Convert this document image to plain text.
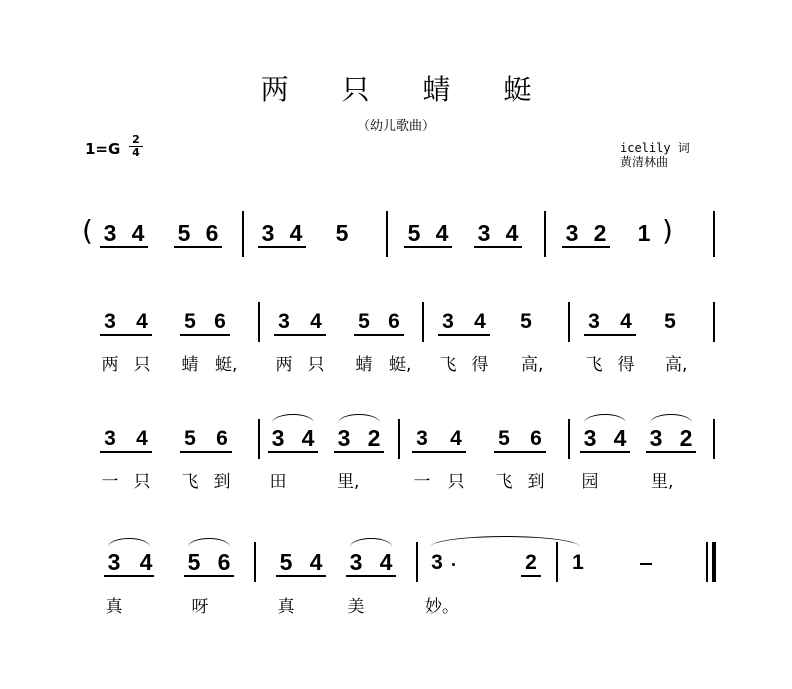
两 只 蜻 蜓
（幼儿歌曲）
$1=G \frac{2}{4}$	icelily 词
黄清林曲
(	)
3 4 5 6 3 4 5	5 4 3 4 3 2 1
3 4 5 6 3 4 5 6 3 4 5	3 4 5
两 只 蜻 蜓, 两 只 蜻 蜓, 飞 得 高, 飞 得 高,
3 4 5 6 3 4 3 2 3 4 5 6 3 4 3 2
一 只 飞 到 田	里,	一 只 飞 到 园	里,
3 4 5 6 5 4 3 4 3	2 1
真	呀	真	美	妙。
